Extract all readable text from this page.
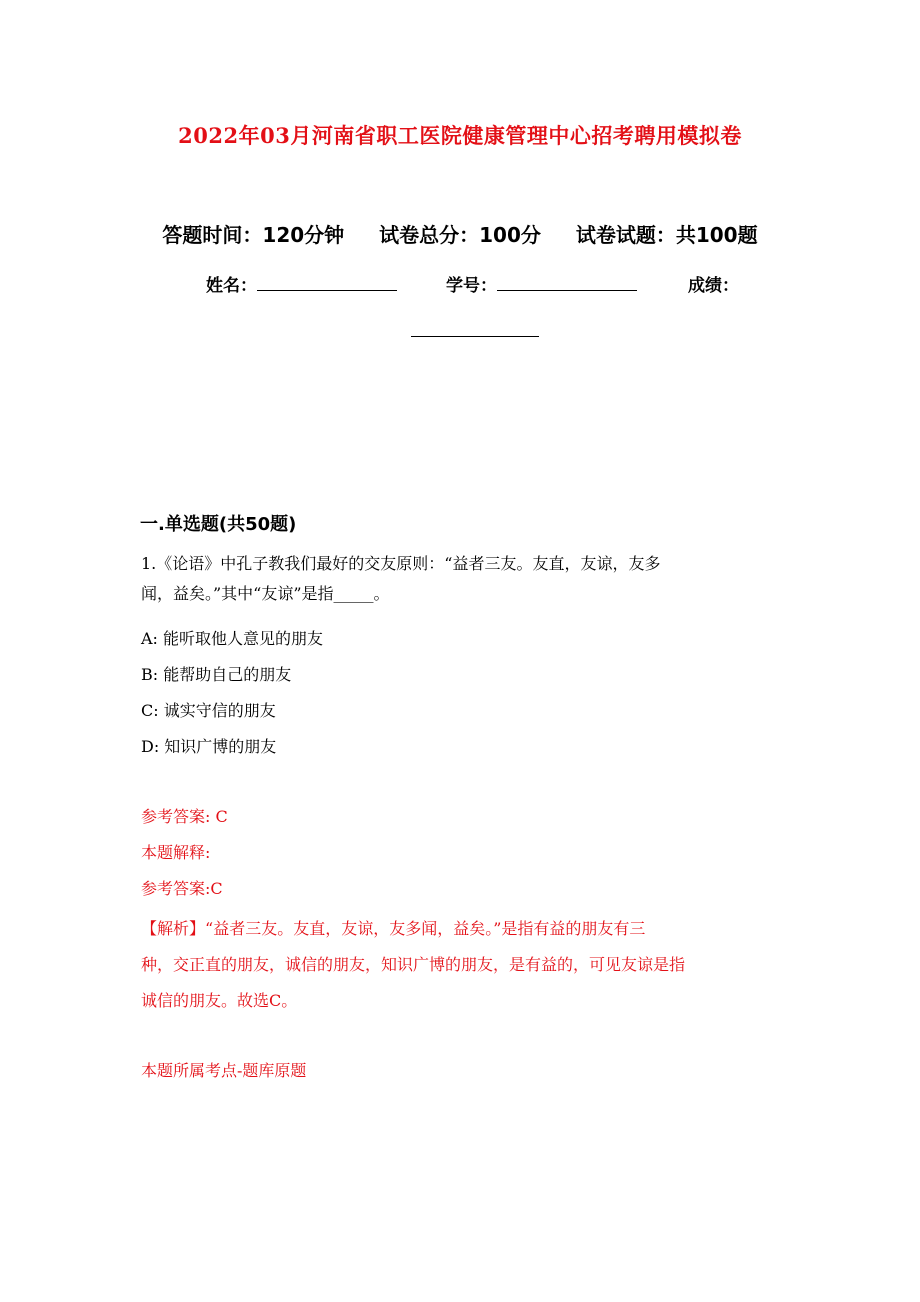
2022年03月河南省职工医院健康管理中心招考聘用模拟卷
答题时间：120分钟 试卷总分：100分 试卷试题：共100题
姓名：	学号：	成绩：
一.单选题(共50题)
1.《论语》中孔子教我们最好的交友原则：“益者三友。友直，友谅，友多
闻，益矣。”其中“友谅”是指_____。
A: 能听取他人意见的朋友
B: 能帮助自己的朋友
C: 诚实守信的朋友
D: 知识广博的朋友
参考答案: C
本题解释:
参考答案:C
【解析】“益者三友。友直，友谅，友多闻，益矣。”是指有益的朋友有三
种，交正直的朋友，诚信的朋友，知识广博的朋友，是有益的，可见友谅是指
诚信的朋友。故选C。
本题所属考点-题库原题
